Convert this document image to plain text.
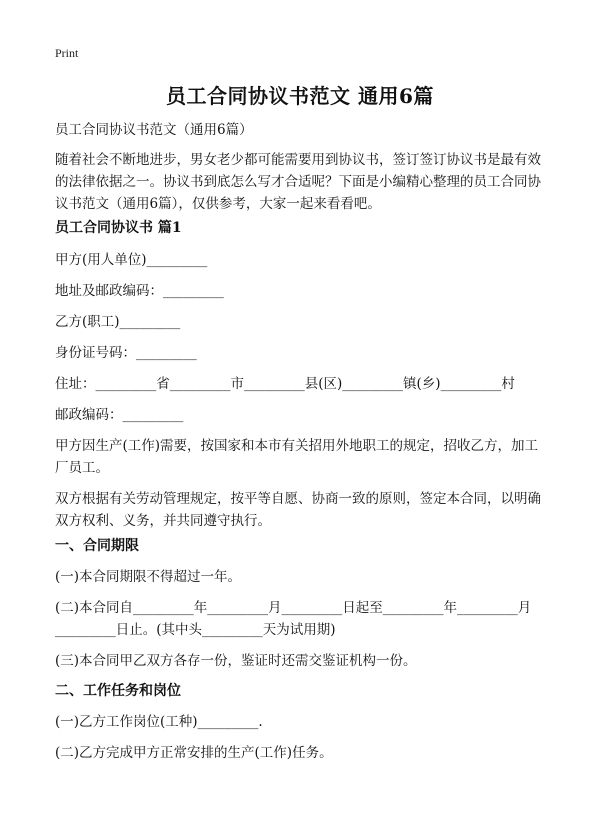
Print
员工合同协议书范文 通用6篇
员工合同协议书范文（通用6篇）
随着社会不断地进步，男女老少都可能需要用到协议书，签订签订协议书是最有效
的法律依据之一。协议书到底怎么写才合适呢？下面是小编精心整理的员工合同协
议书范文（通用6篇），仅供参考，大家一起来看看吧。
员工合同协议书 篇1
甲方(用人单位)_________
地址及邮政编码：_________
乙方(职工)_________
身份证号码：_________
住址：_________省_________市_________县(区)_________镇(乡)_________村
邮政编码：_________
甲方因生产(工作)需要，按国家和本市有关招用外地职工的规定，招收乙方，加工
厂员工。
双方根据有关劳动管理规定，按平等自愿、协商一致的原则，签定本合同，以明确
双方权利、义务，并共同遵守执行。
一、合同期限
(一)本合同期限不得超过一年。
(二)本合同自_________年_________月_________日起至_________年_________月
_________日止。(其中头_________天为试用期)
(三)本合同甲乙双方各存一份，鉴证时还需交鉴证机构一份。
二、工作任务和岗位
(一)乙方工作岗位(工种)_________.
(二)乙方完成甲方正常安排的生产(工作)任务。
